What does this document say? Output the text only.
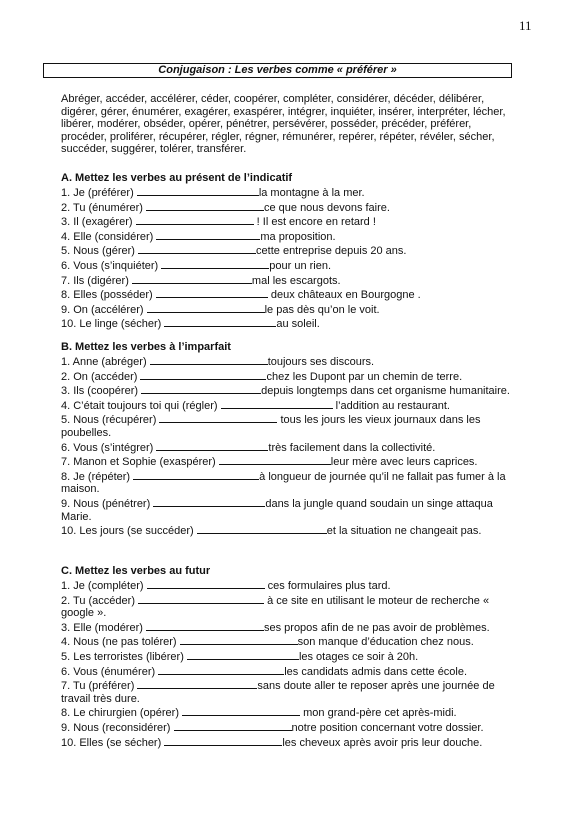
11
Conjugaison : Les verbes comme « préférer »
Abréger, accéder, accélérer, céder, coopérer, compléter, considérer, décéder, délibérer, digérer, gérer, énumérer, exagérer, exaspérer, intégrer, inquiéter, insérer, interpréter, lécher, libérer, modérer, obséder, opérer, pénétrer, persévérer, posséder, précéder, préférer, procéder, proliférer, récupérer, régler, régner, rémunérer, repérer, répéter, révéler, sécher, succéder, suggérer, tolérer, transférer.
A. Mettez les verbes au présent de l’indicatif
1. Je (préférer)	la montagne à la mer.
2. Tu (énumérer)	ce que nous devons faire.
3. Il (exagérer)	! Il est encore en retard !
4. Elle (considérer)	ma proposition.
5. Nous (gérer)	cette entreprise depuis 20 ans.
6. Vous (s’inquiéter)	pour un rien.
7. Ils (digérer)	mal les escargots.
8. Elles (posséder)	deux châteaux en Bourgogne .
9. On (accélérer)	le pas dès qu’on le voit.
10. Le linge (sécher)	au soleil.
B. Mettez les verbes à l’imparfait
1. Anne (abréger)	toujours ses discours.
2. On (accéder)	chez les Dupont par un chemin de terre.
3. Ils (coopérer)	depuis longtemps dans cet organisme humanitaire.
4. C’était toujours toi qui (régler)	l’addition au restaurant.
5. Nous (récupérer)	tous les jours les vieux journaux dans les poubelles.
6. Vous (s’intégrer)	très facilement dans la collectivité.
7. Manon et Sophie (exaspérer)	leur mère avec leurs caprices.
8. Je (répéter)	à longueur de journée qu’il ne fallait pas fumer à la maison.
9. Nous (pénétrer)	dans la jungle quand soudain un singe attaqua Marie.
10. Les jours (se succéder)	et la situation ne changeait pas.
C. Mettez les verbes au futur
1. Je (compléter)	ces formulaires plus tard.
2. Tu (accéder)	à ce site en utilisant le moteur de recherche « google ».
3. Elle (modérer)	ses propos afin de ne pas avoir de problèmes.
4. Nous (ne pas tolérer)	son manque d’éducation chez nous.
5. Les terroristes (libérer)	les otages ce soir à 20h.
6. Vous (énumérer)	les candidats admis dans cette école.
7. Tu (préférer)	sans doute aller te reposer après une journée de travail très dure.
8. Le chirurgien (opérer)	mon grand-père cet après-midi.
9. Nous (reconsidérer)	notre position concernant votre dossier.
10. Elles (se sécher)	les cheveux après avoir pris leur douche.
